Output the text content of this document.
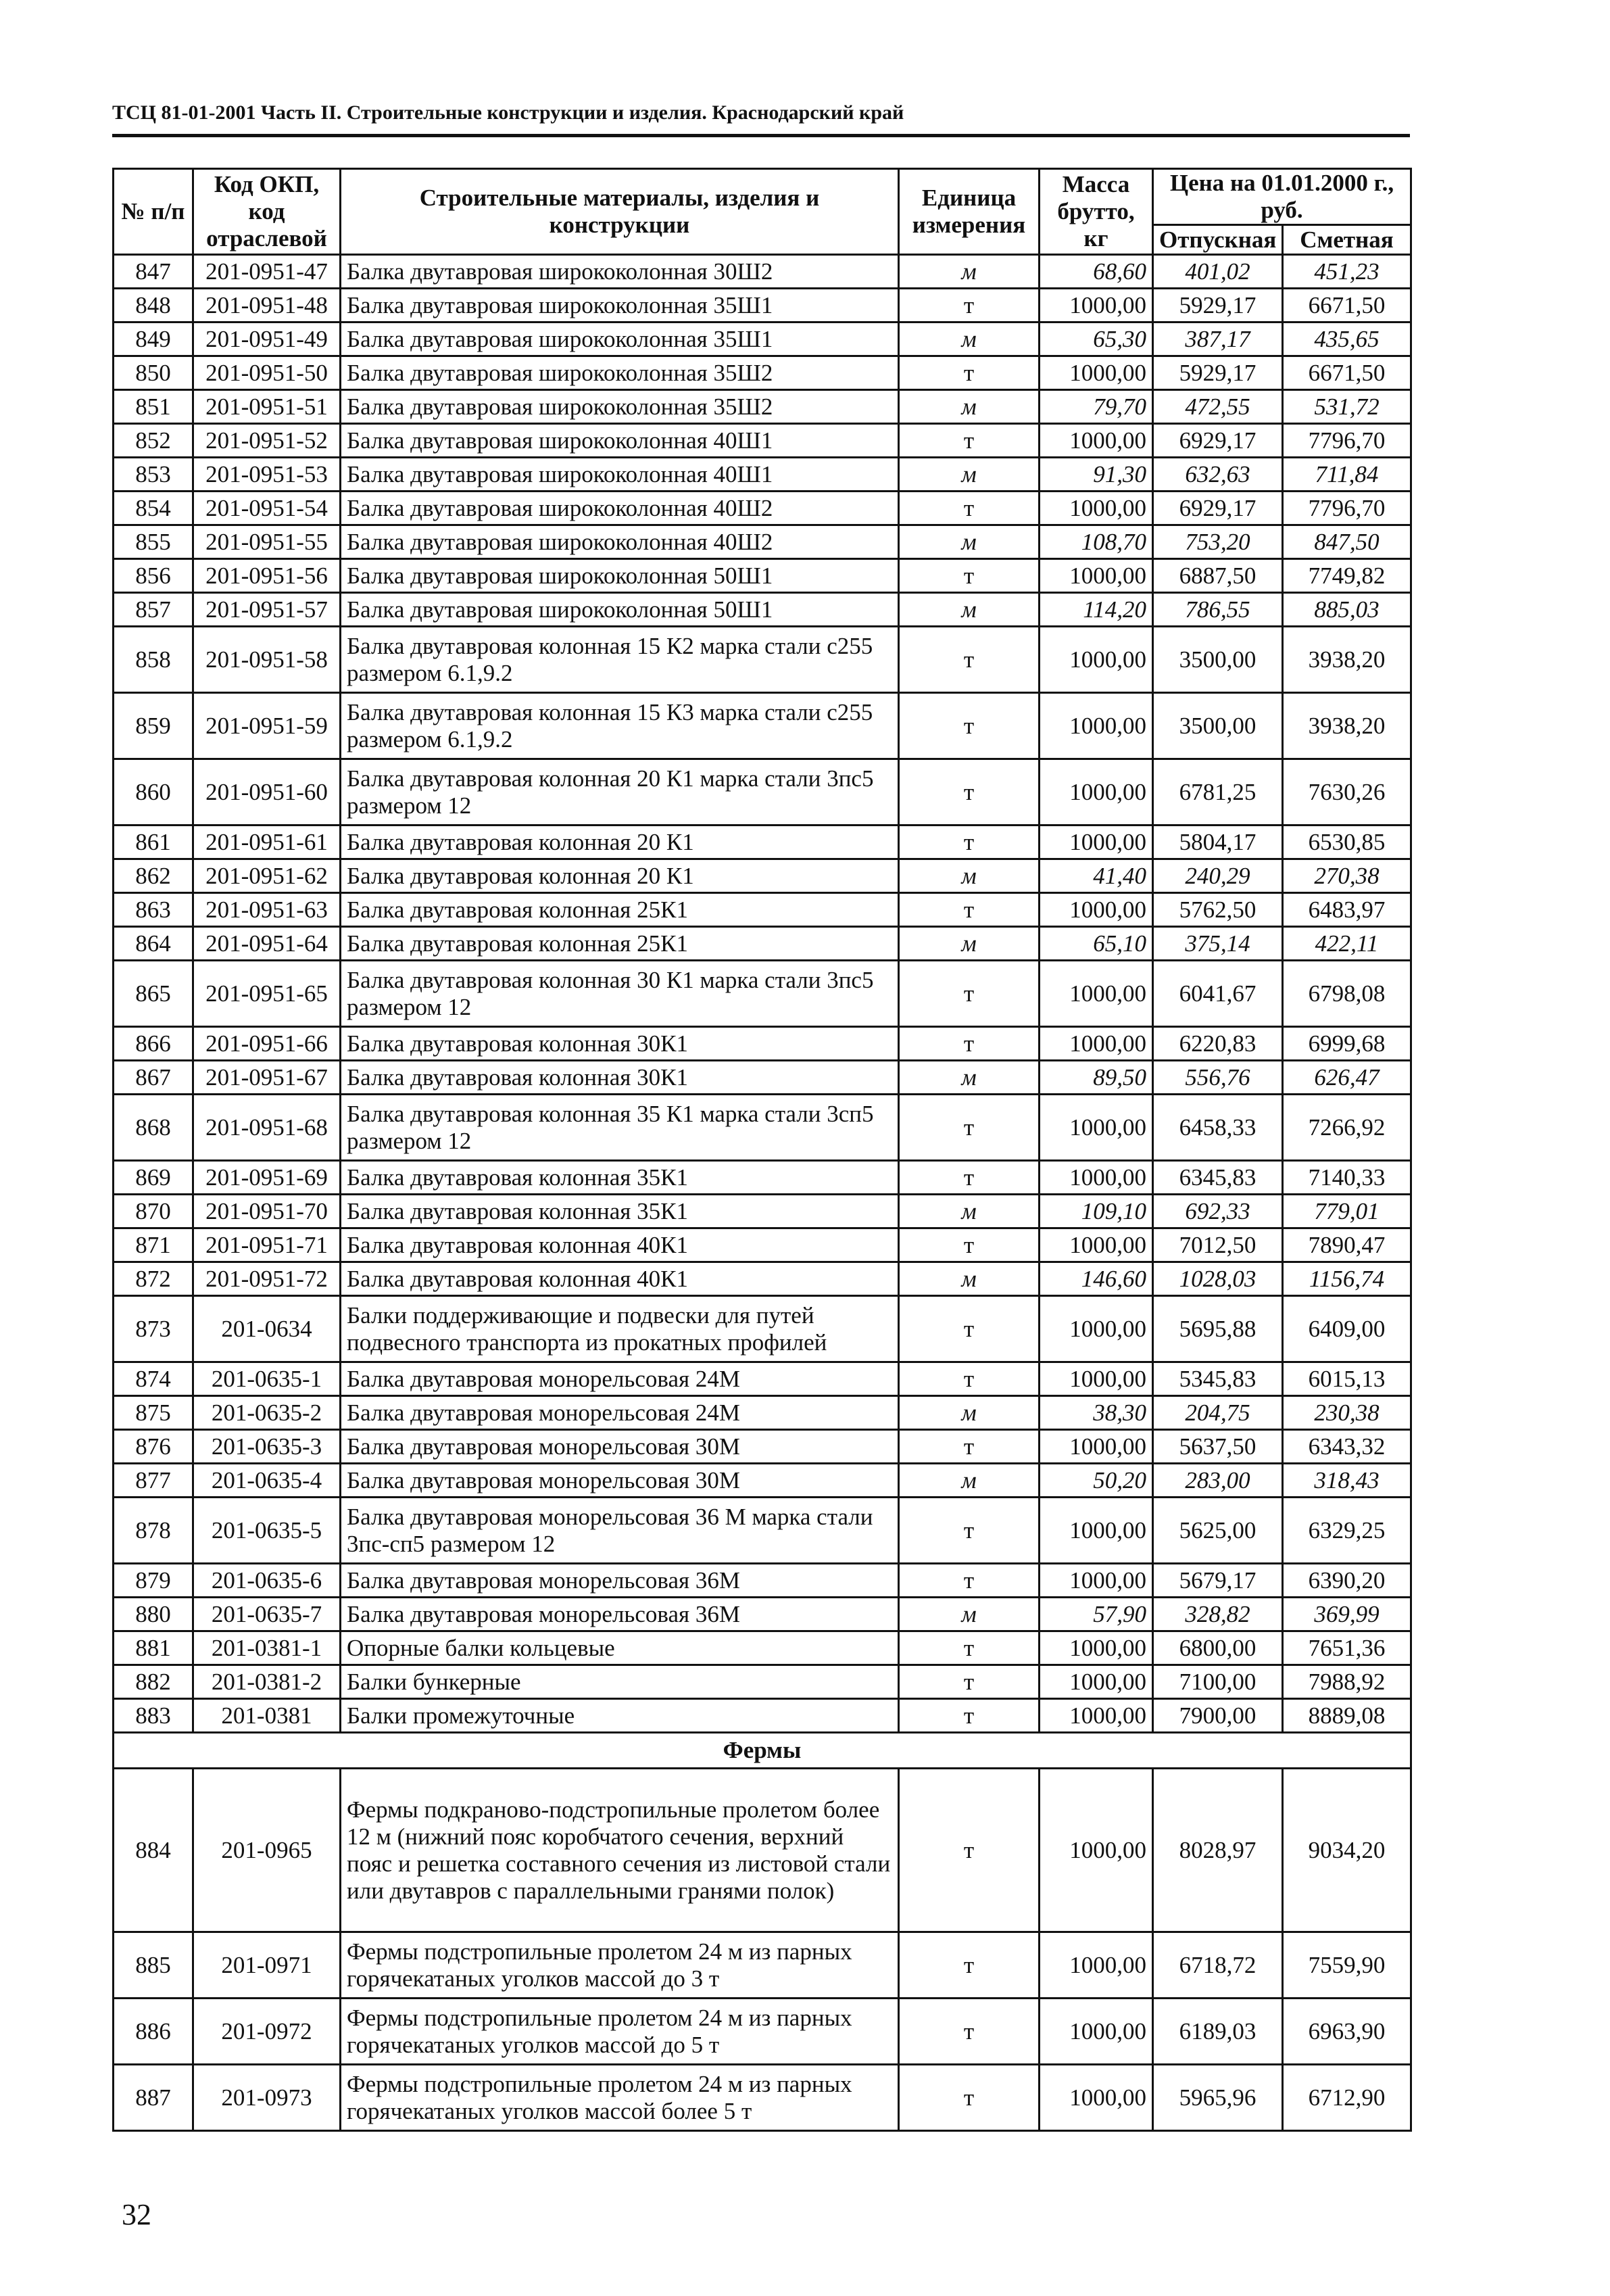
ТСЦ 81-01-2001 Часть II. Строительные конструкции и изделия. Краснодарский край
№ п/п	Код ОКП, код отраслевой	Строительные материалы, изделия и конструкции	Единица измерения	Масса брутто, кг	Цена на 01.01.2000 г., руб.	
					Отпускная	Сметная
847	201-0951-47	Балка двутавровая ширококолонная 30Ш2	м	68,60	401,02	451,23
848	201-0951-48	Балка двутавровая ширококолонная 35Ш1	т	1000,00	5929,17	6671,50
849	201-0951-49	Балка двутавровая ширококолонная 35Ш1	м	65,30	387,17	435,65
850	201-0951-50	Балка двутавровая ширококолонная 35Ш2	т	1000,00	5929,17	6671,50
851	201-0951-51	Балка двутавровая ширококолонная 35Ш2	м	79,70	472,55	531,72
852	201-0951-52	Балка двутавровая ширококолонная 40Ш1	т	1000,00	6929,17	7796,70
853	201-0951-53	Балка двутавровая ширококолонная 40Ш1	м	91,30	632,63	711,84
854	201-0951-54	Балка двутавровая ширококолонная 40Ш2	т	1000,00	6929,17	7796,70
855	201-0951-55	Балка двутавровая ширококолонная 40Ш2	м	108,70	753,20	847,50
856	201-0951-56	Балка двутавровая ширококолонная 50Ш1	т	1000,00	6887,50	7749,82
857	201-0951-57	Балка двутавровая ширококолонная 50Ш1	м	114,20	786,55	885,03
858	201-0951-58	Балка двутавровая колонная 15 К2 марка стали с255 размером 6.1,9.2	т	1000,00	3500,00	3938,20
859	201-0951-59	Балка двутавровая колонная 15 К3 марка стали с255 размером 6.1,9.2	т	1000,00	3500,00	3938,20
860	201-0951-60	Балка двутавровая колонная 20 К1 марка стали 3пс5 размером 12	т	1000,00	6781,25	7630,26
861	201-0951-61	Балка двутавровая колонная 20 К1	т	1000,00	5804,17	6530,85
862	201-0951-62	Балка двутавровая колонная 20 К1	м	41,40	240,29	270,38
863	201-0951-63	Балка двутавровая колонная 25К1	т	1000,00	5762,50	6483,97
864	201-0951-64	Балка двутавровая колонная 25К1	м	65,10	375,14	422,11
865	201-0951-65	Балка двутавровая колонная 30 К1 марка стали 3пс5 размером 12	т	1000,00	6041,67	6798,08
866	201-0951-66	Балка двутавровая колонная 30К1	т	1000,00	6220,83	6999,68
867	201-0951-67	Балка двутавровая колонная 30К1	м	89,50	556,76	626,47
868	201-0951-68	Балка двутавровая колонная 35 К1 марка стали 3сп5 размером 12	т	1000,00	6458,33	7266,92
869	201-0951-69	Балка двутавровая колонная 35К1	т	1000,00	6345,83	7140,33
870	201-0951-70	Балка двутавровая колонная 35К1	м	109,10	692,33	779,01
871	201-0951-71	Балка двутавровая колонная 40К1	т	1000,00	7012,50	7890,47
872	201-0951-72	Балка двутавровая колонная 40К1	м	146,60	1028,03	1156,74
873	201-0634	Балки поддерживающие и подвески для путей подвесного транспорта из прокатных профилей	т	1000,00	5695,88	6409,00
874	201-0635-1	Балка двутавровая монорельсовая 24М	т	1000,00	5345,83	6015,13
875	201-0635-2	Балка двутавровая монорельсовая 24М	м	38,30	204,75	230,38
876	201-0635-3	Балка двутавровая монорельсовая 30М	т	1000,00	5637,50	6343,32
877	201-0635-4	Балка двутавровая монорельсовая 30М	м	50,20	283,00	318,43
878	201-0635-5	Балка двутавровая монорельсовая 36 М марка стали 3пс-сп5 размером 12	т	1000,00	5625,00	6329,25
879	201-0635-6	Балка двутавровая монорельсовая 36М	т	1000,00	5679,17	6390,20
880	201-0635-7	Балка двутавровая монорельсовая 36М	м	57,90	328,82	369,99
881	201-0381-1	Опорные балки кольцевые	т	1000,00	6800,00	7651,36
882	201-0381-2	Балки бункерные	т	1000,00	7100,00	7988,92
883	201-0381	Балки промежуточные	т	1000,00	7900,00	8889,08
Фермы						
884	201-0965	Фермы подкраново-подстропильные пролетом более 12 м (нижний пояс коробчатого сечения, верхний пояс и решетка составного сечения из листовой стали или двутавров с параллельными гранями полок)	т	1000,00	8028,97	9034,20
885	201-0971	Фермы подстропильные пролетом 24 м из парных горячекатаных уголков массой до 3 т	т	1000,00	6718,72	7559,90
886	201-0972	Фермы подстропильные пролетом 24 м из парных горячекатаных уголков массой до 5 т	т	1000,00	6189,03	6963,90
887	201-0973	Фермы подстропильные пролетом 24 м из парных горячекатаных уголков массой более 5 т	т	1000,00	5965,96	6712,90
32
